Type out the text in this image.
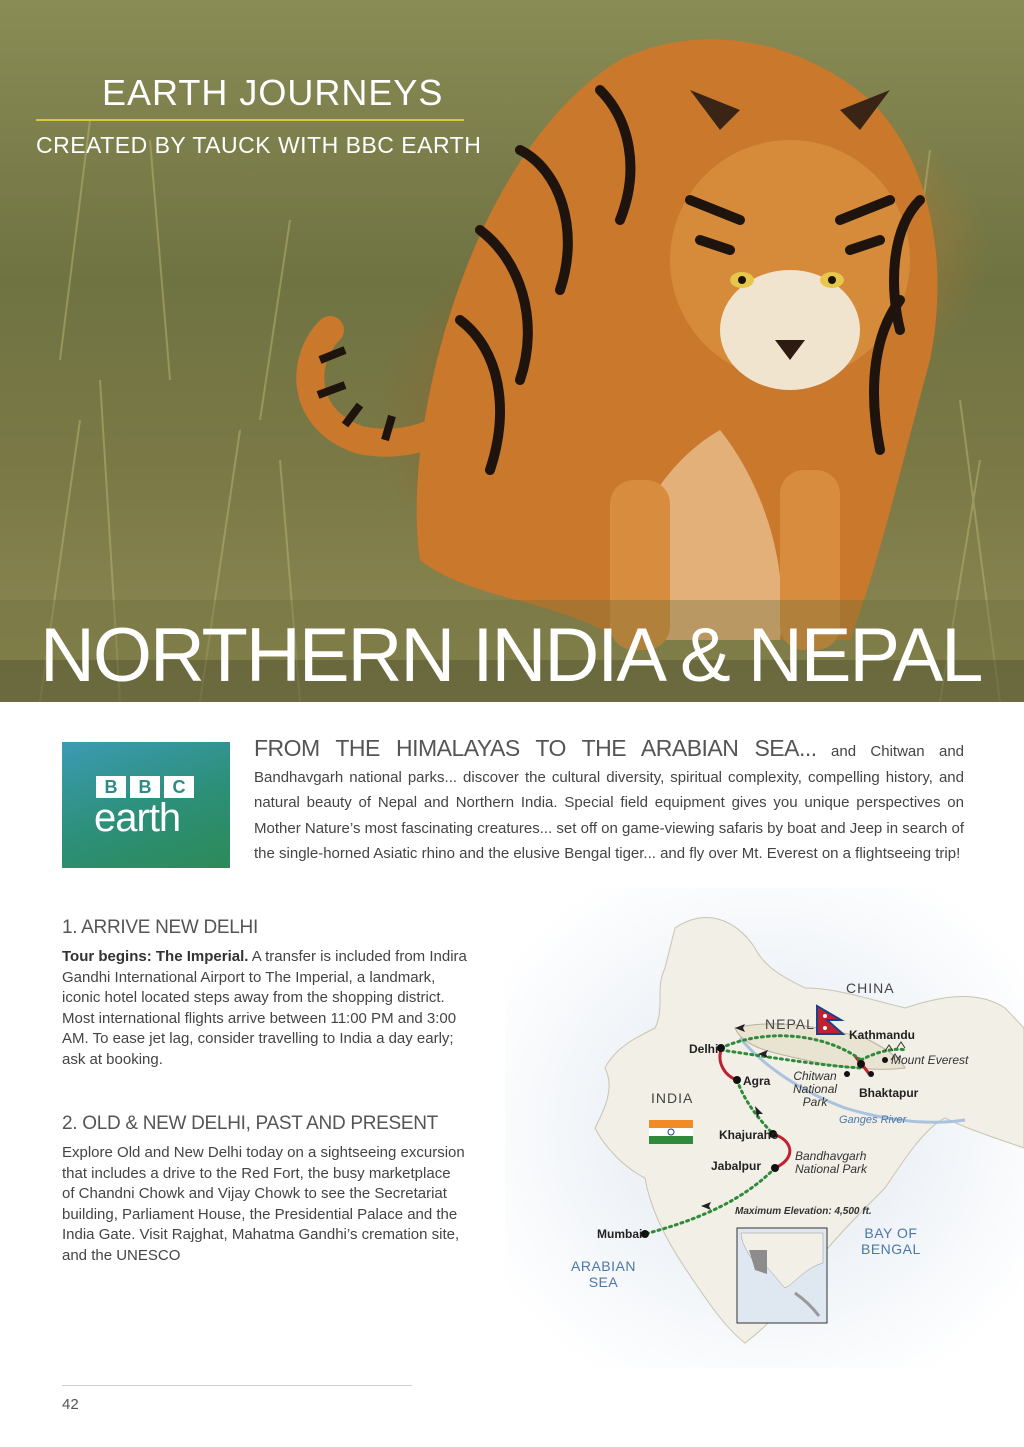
EARTH JOURNEYS

CREATED BY TAUCK WITH BBC EARTH

NORTHERN INDIA & NEPAL
B	B	C
earth

FROM THE HIMALAYAS TO THE ARABIAN SEA... and Chitwan and Bandhavgarh national parks... discover the cultural diversity, spiritual complexity, compelling history, and natural beauty of Nepal and Northern India. Special field equipment gives you unique perspectives on Mother Nature’s most fascinating creatures... set off on game-viewing safaris by boat and Jeep in search of the single-horned Asiatic rhino and the elusive Bengal tiger... and fly over Mt. Everest on a flightseeing trip!

1. ARRIVE NEW DELHI

Tour begins: The Imperial. A transfer is included from Indira Gandhi International Airport to The Imperial, a landmark, iconic hotel located steps away from the shopping district. Most international flights arrive between 11:00 PM and 3:00 AM. To ease jet lag, consider travelling to India a day early; ask at booking.

2. OLD & NEW DELHI, PAST AND PRESENT

Explore Old and New Delhi today on a sightseeing excursion that includes a drive to the Red Fort, the busy marketplace of Chandni Chowk and Vijay Chowk to see the Secretariat building, Parliament House, the Presidential Palace and the India Gate. Visit Rajghat, Mahatma Gandhi’s cremation site, and the UNESCO

CHINA
NEPAL
INDIA
Delhi
Agra
Khajuraho
Jabalpur
Mumbai
Kathmandu
Bhaktapur
Mount Everest
Chitwan
National
Park
Bandhavgarh
National Park
Ganges River
Maximum Elevation: 4,500 ft.
ARABIAN
SEA
BAY OF
BENGAL
42
